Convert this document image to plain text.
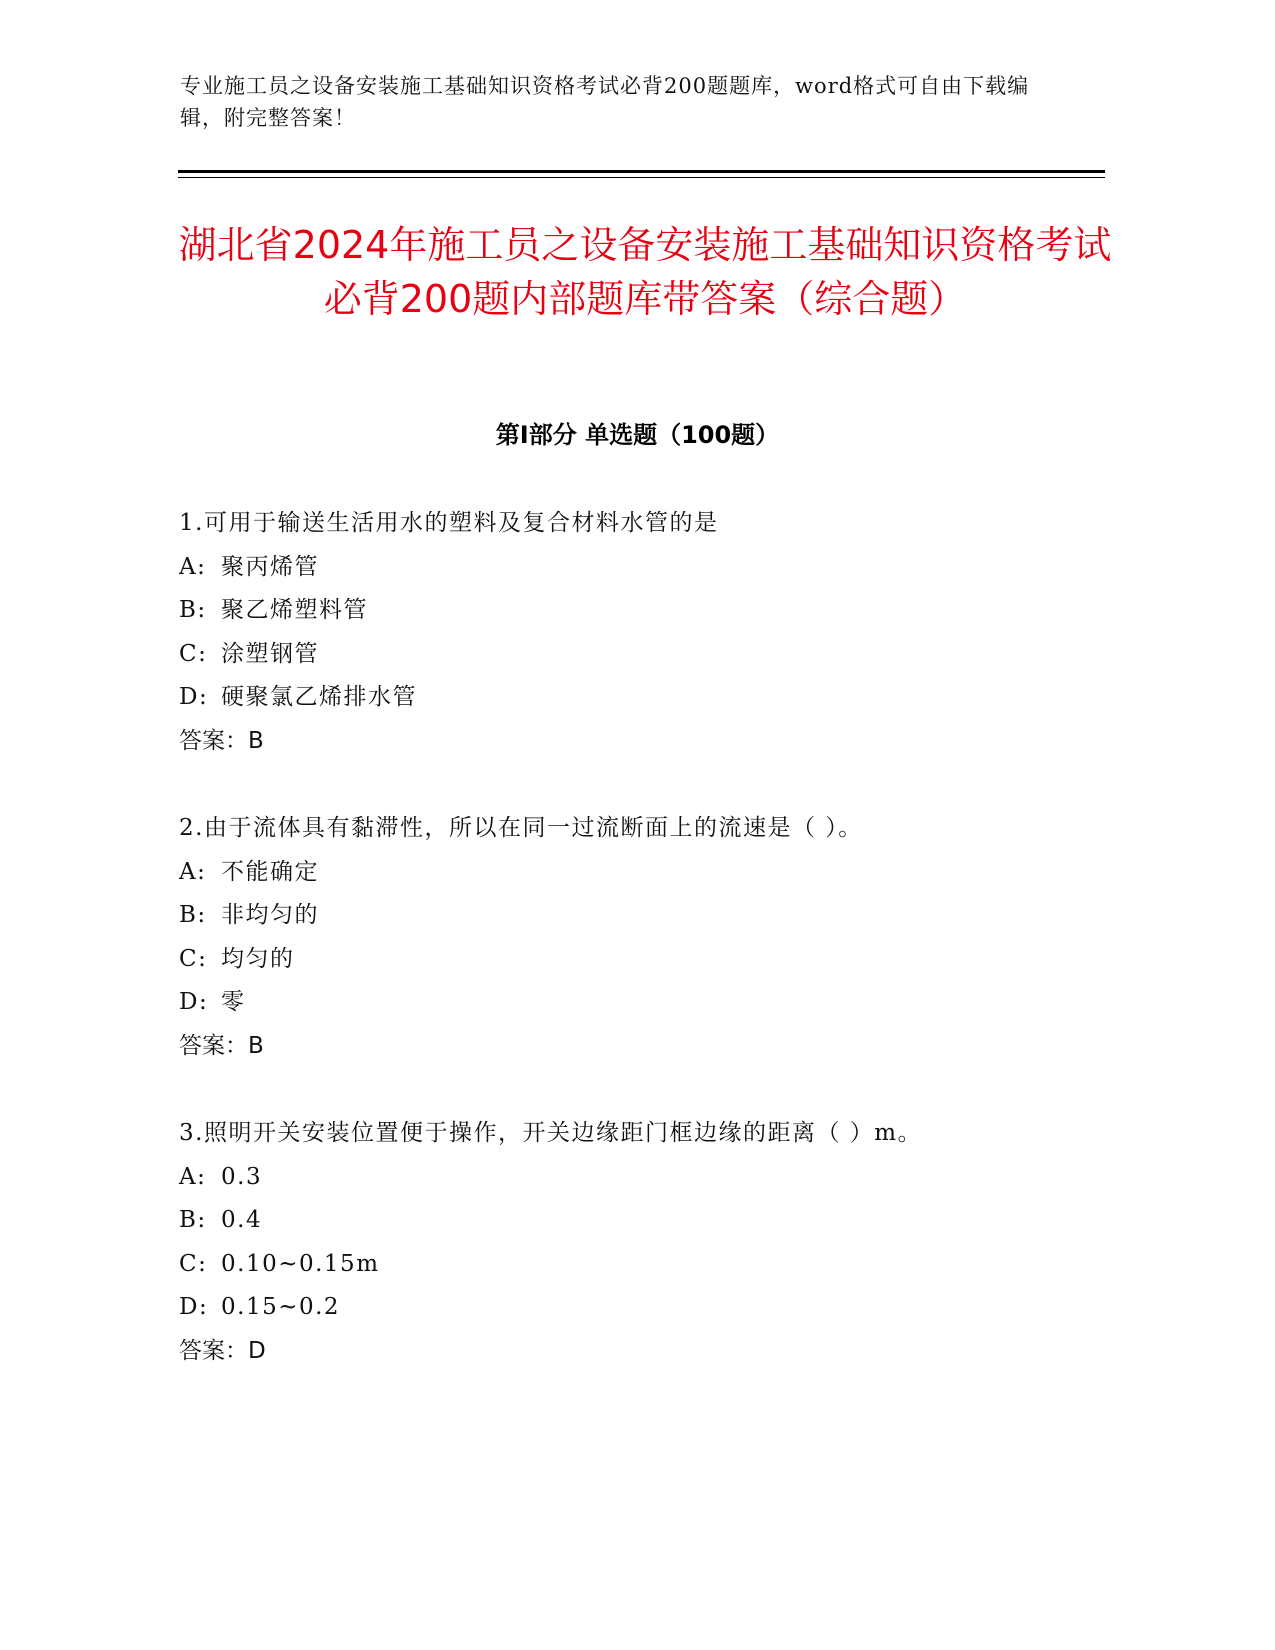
专业施工员之设备安装施工基础知识资格考试必背200题题库，word格式可自由下载编辑，附完整答案！
湖北省2024年施工员之设备安装施工基础知识资格考试必背200题内部题库带答案（综合题）
第I部分 单选题（100题）
1.可用于输送生活用水的塑料及复合材料水管的是
A: 聚丙烯管
B: 聚乙烯塑料管
C: 涂塑钢管
D: 硬聚氯乙烯排水管
答案：B
2.由于流体具有黏滞性，所以在同一过流断面上的流速是（ ）。
A: 不能确定
B: 非均匀的
C: 均匀的
D: 零
答案：B
3.照明开关安装位置便于操作，开关边缘距门框边缘的距离（ ）m。
A: 0.3
B: 0.4
C: 0.10~0.15m
D: 0.15~0.2
答案：D
